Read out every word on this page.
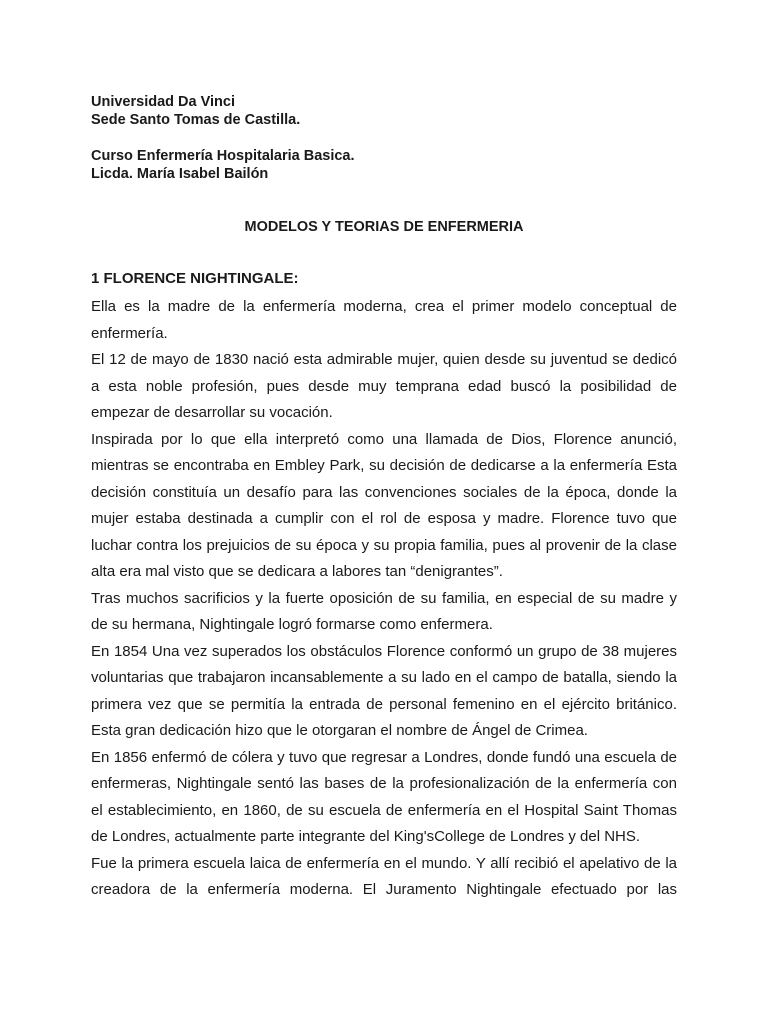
Universidad Da Vinci
Sede Santo Tomas de Castilla.
Curso Enfermería Hospitalaria Basica.
Licda. María Isabel Bailón
MODELOS Y TEORIAS DE ENFERMERIA
1 FLORENCE NIGHTINGALE:
Ella es la madre de la enfermería moderna, crea el primer modelo conceptual de
enfermería.
El 12 de mayo de 1830 nació esta admirable mujer, quien desde su juventud se dedicó
a esta noble profesión, pues desde muy temprana edad buscó la posibilidad de
empezar de desarrollar su vocación.
Inspirada por lo que ella interpretó como una llamada de Dios, Florence anunció,
mientras se encontraba en Embley Park, su decisión de dedicarse a la enfermería Esta
decisión constituía un desafío para las convenciones sociales de la época, donde la
mujer estaba destinada a cumplir con el rol de esposa y madre. Florence tuvo que
luchar contra los prejuicios de su época y su propia familia, pues al provenir de la clase
alta era mal visto que se dedicara a labores tan “denigrantes”.
Tras muchos sacrificios y la fuerte oposición de su familia, en especial de su madre y
de su hermana, Nightingale logró formarse como enfermera.
En 1854 Una vez superados los obstáculos Florence conformó un grupo de 38 mujeres
voluntarias que trabajaron incansablemente a su lado en el campo de batalla, siendo la
primera vez que se permitía la entrada de personal femenino en el ejército británico.
Esta gran dedicación hizo que le otorgaran el nombre de Ángel de Crimea.
En 1856 enfermó de cólera y tuvo que regresar a Londres, donde fundó una escuela de
enfermeras, Nightingale sentó las bases de la profesionalización de la enfermería con
el establecimiento, en 1860, de su escuela de enfermería en el Hospital Saint Thomas
de Londres, actualmente parte integrante del King'sCollege de Londres y del NHS.
Fue la primera escuela laica de enfermería en el mundo. Y allí recibió el apelativo de la
creadora de la enfermería moderna. El Juramento Nightingale efectuado por las
